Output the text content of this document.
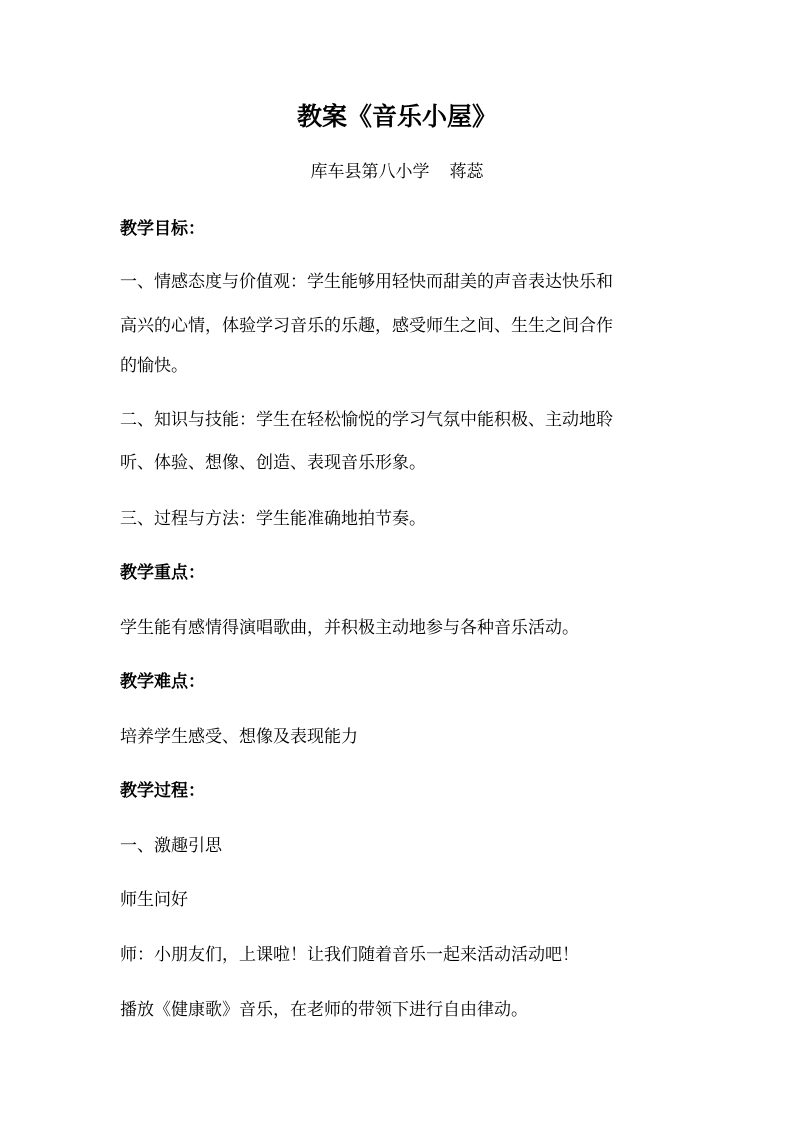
教案《音乐小屋》
库车县第八小学 蒋蕊
教学目标：
一、情感态度与价值观：学生能够用轻快而甜美的声音表达快乐和
高兴的心情，体验学习音乐的乐趣，感受师生之间、生生之间合作
的愉快。
二、知识与技能：学生在轻松愉悦的学习气氛中能积极、主动地聆
听、体验、想像、创造、表现音乐形象。
三、过程与方法：学生能准确地拍节奏。
教学重点：
学生能有感情得演唱歌曲，并积极主动地参与各种音乐活动。
教学难点：
培养学生感受、想像及表现能力
教学过程：
一、激趣引思
师生问好
师：小朋友们，上课啦！让我们随着音乐一起来活动活动吧！
播放《健康歌》音乐，在老师的带领下进行自由律动。
